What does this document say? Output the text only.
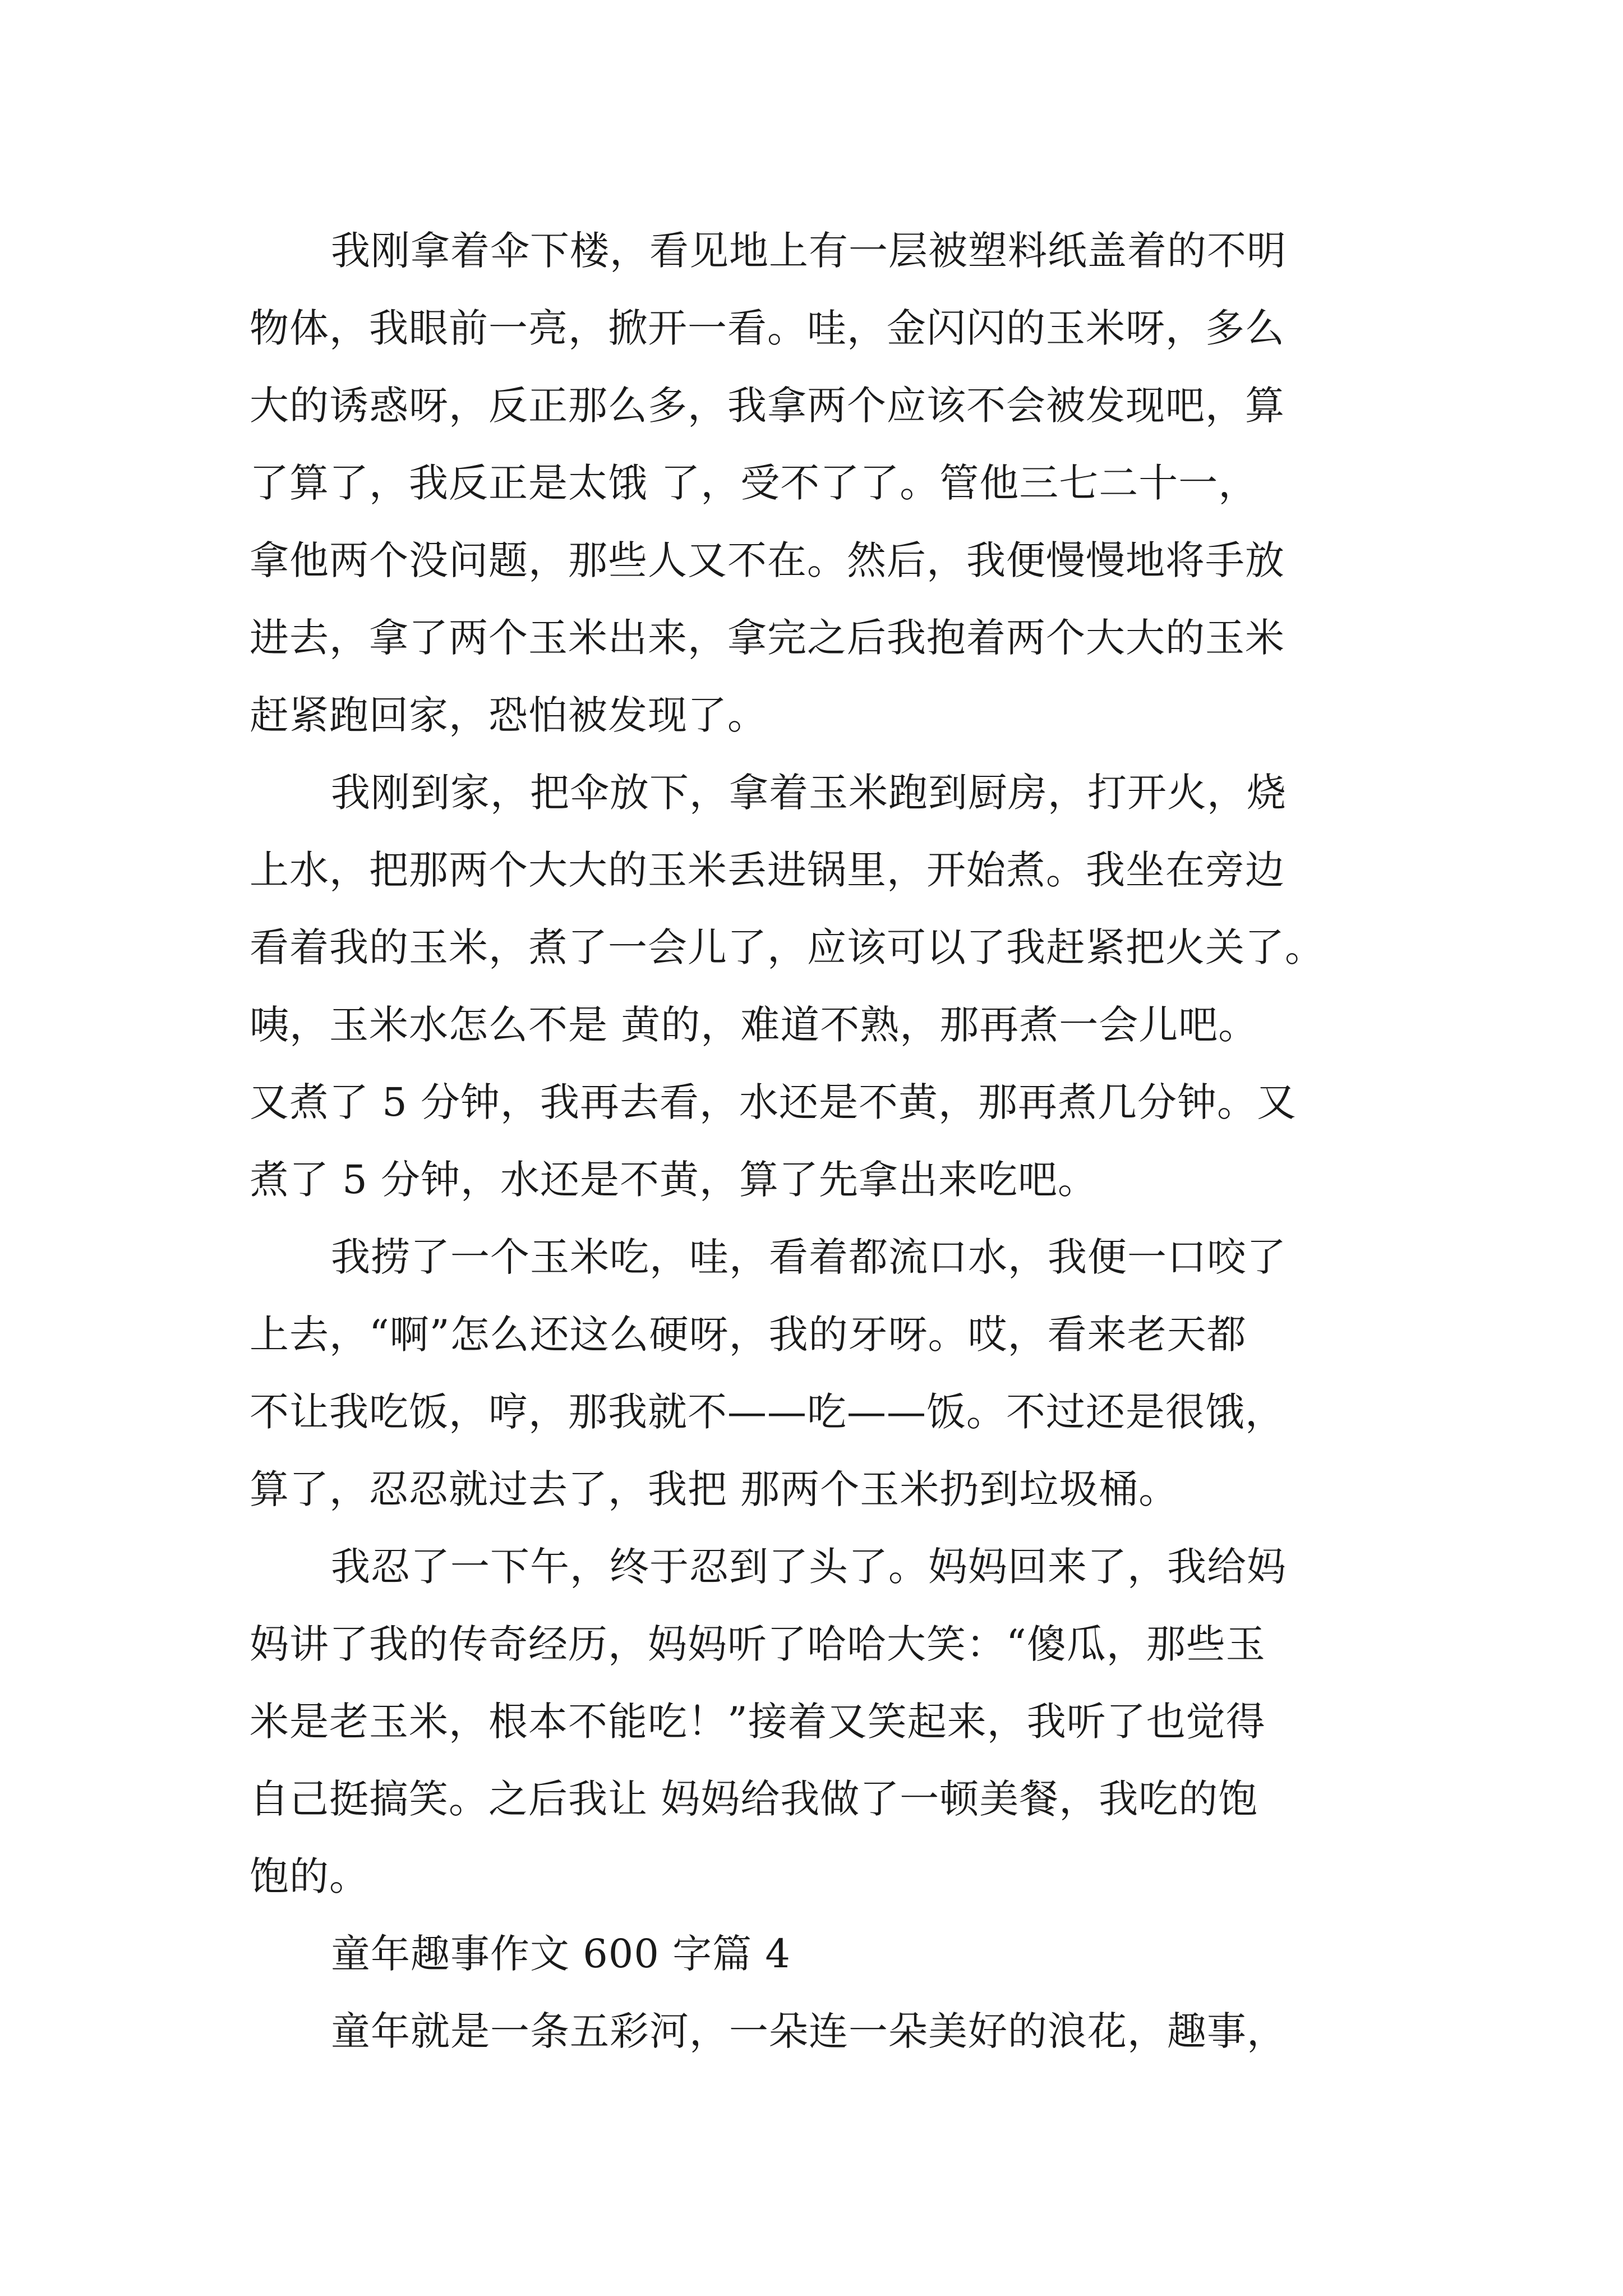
我刚拿着伞下楼，看见地上有一层被塑料纸盖着的不明
物体，我眼前一亮，掀开一看。哇，金闪闪的玉米呀，多么
大的诱惑呀，反正那么多，我拿两个应该不会被发现吧，算
了算了，我反正是太饿 了，受不了了。管他三七二十一，
拿他两个没问题，那些人又不在。然后，我便慢慢地将手放
进去，拿了两个玉米出来，拿完之后我抱着两个大大的玉米
赶紧跑回家，恐怕被发现了。
我刚到家，把伞放下，拿着玉米跑到厨房，打开火，烧
上水，把那两个大大的玉米丢进锅里，开始煮。我坐在旁边
看着我的玉米，煮了一会儿了，应该可以了我赶紧把火关了。
咦，玉米水怎么不是 黄的，难道不熟，那再煮一会儿吧。
又煮了 5 分钟，我再去看，水还是不黄，那再煮几分钟。又
煮了 5 分钟，水还是不黄，算了先拿出来吃吧。
我捞了一个玉米吃，哇，看着都流口水，我便一口咬了
上去，“啊”怎么还这么硬呀，我的牙呀。哎，看来老天都
不让我吃饭，哼，那我就不——吃——饭。不过还是很饿，
算了，忍忍就过去了，我把 那两个玉米扔到垃圾桶。
我忍了一下午，终于忍到了头了。妈妈回来了，我给妈
妈讲了我的传奇经历，妈妈听了哈哈大笑：“傻瓜，那些玉
米是老玉米，根本不能吃！”接着又笑起来，我听了也觉得
自己挺搞笑。之后我让 妈妈给我做了一顿美餐，我吃的饱
饱的。
童年趣事作文 600 字篇 4
童年就是一条五彩河，一朵连一朵美好的浪花，趣事，
